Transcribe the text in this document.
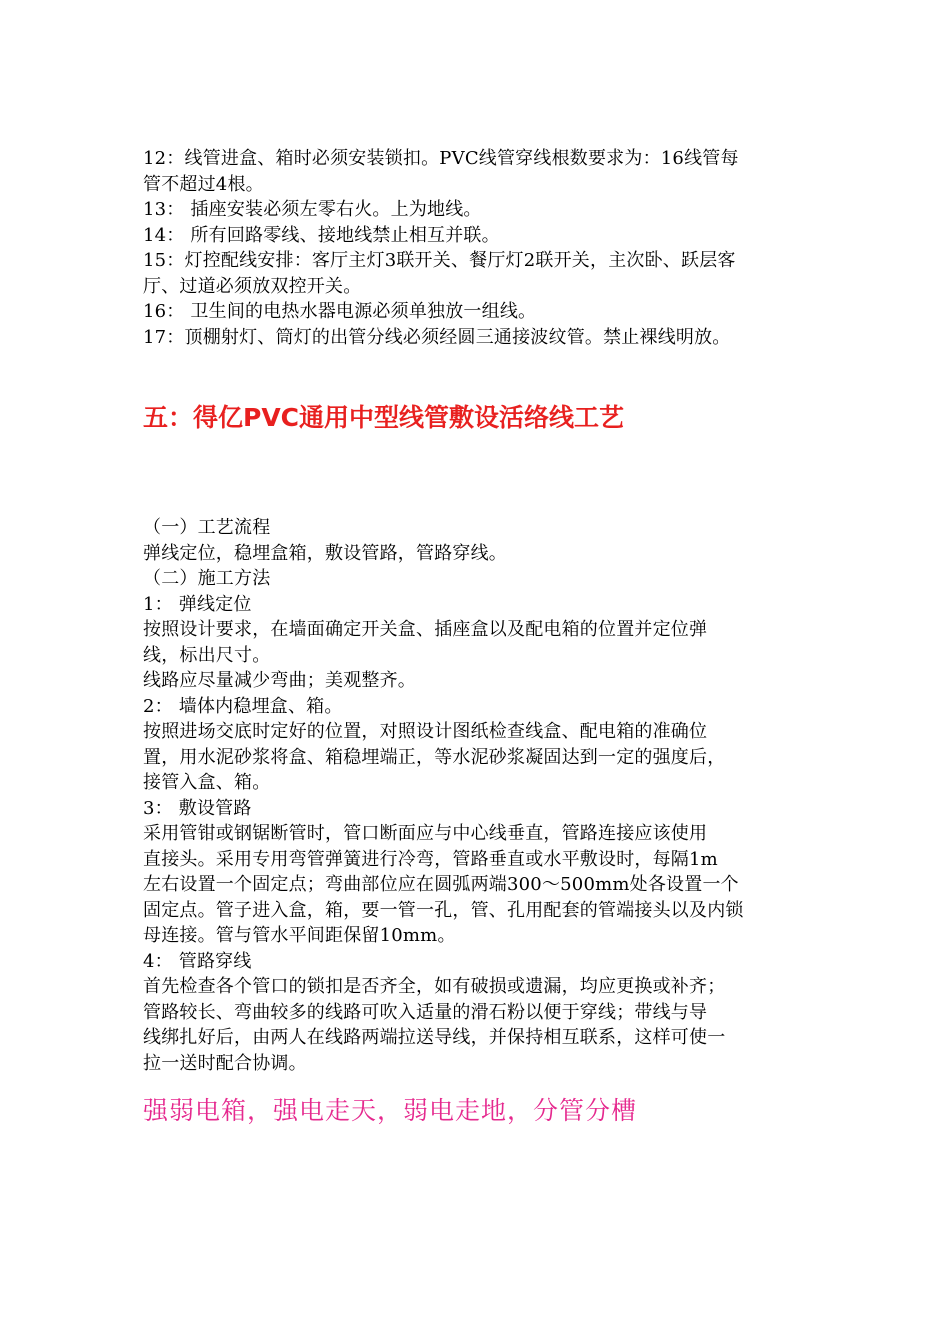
12：线管进盒、箱时必须安装锁扣。PVC线管穿线根数要求为：16线管每
管不超过4根。
13： 插座安装必须左零右火。上为地线。
14： 所有回路零线、接地线禁止相互并联。
15：灯控配线安排：客厅主灯3联开关、餐厅灯2联开关，主次卧、跃层客
厅、过道必须放双控开关。
16： 卫生间的电热水器电源必须单独放一组线。
17：顶棚射灯、筒灯的出管分线必须经圆三通接波纹管。禁止裸线明放。
五：得亿PVC通用中型线管敷设活络线工艺
（一）工艺流程
弹线定位，稳埋盒箱，敷设管路，管路穿线。
（二）施工方法
1： 弹线定位
按照设计要求，在墙面确定开关盒、插座盒以及配电箱的位置并定位弹
线，标出尺寸。
线路应尽量减少弯曲；美观整齐。
2： 墙体内稳埋盒、箱。
按照进场交底时定好的位置，对照设计图纸检查线盒、配电箱的准确位
置，用水泥砂浆将盒、箱稳埋端正，等水泥砂浆凝固达到一定的强度后，
接管入盒、箱。
3： 敷设管路
采用管钳或钢锯断管时，管口断面应与中心线垂直，管路连接应该使用
直接头。采用专用弯管弹簧进行冷弯，管路垂直或水平敷设时，每隔1m
左右设置一个固定点；弯曲部位应在圆弧两端300～500mm处各设置一个
固定点。管子进入盒，箱，要一管一孔，管、孔用配套的管端接头以及内锁
母连接。管与管水平间距保留10mm。
4： 管路穿线
首先检查各个管口的锁扣是否齐全，如有破损或遗漏，均应更换或补齐；
管路较长、弯曲较多的线路可吹入适量的滑石粉以便于穿线；带线与导
线绑扎好后，由两人在线路两端拉送导线，并保持相互联系，这样可使一
拉一送时配合协调。
强弱电箱，强电走天，弱电走地，分管分槽
